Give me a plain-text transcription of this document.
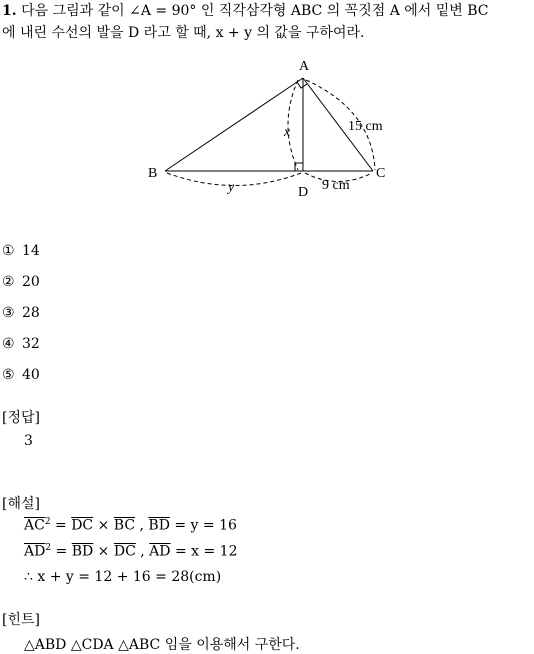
1. 다음 그림과 같이 ∠A = 90° 인 직각삼각형 ABC 의 꼭짓점 A 에서 밑변 BC
에 내린 수선의 발을 D 라고 할 때, x + y 의 값을 구하여라.
A
B	C
D
x
y
15 cm
9 cm
① 14
② 20
③ 28
④ 32
⑤ 40
[정답]
3
[해설]
$\overline{AC}^2 = \overline{DC} \times \overline{BC}$ , $\overline{BD} = y = 16$
$\overline{AD}^2 = \overline{BD} \times \overline{DC}$ , $\overline{AD} = x = 12$
∴ x + y = 12 + 16 = 28(cm)
[힌트]
△ABD △CDA △ABC 임을 이용해서 구한다.
